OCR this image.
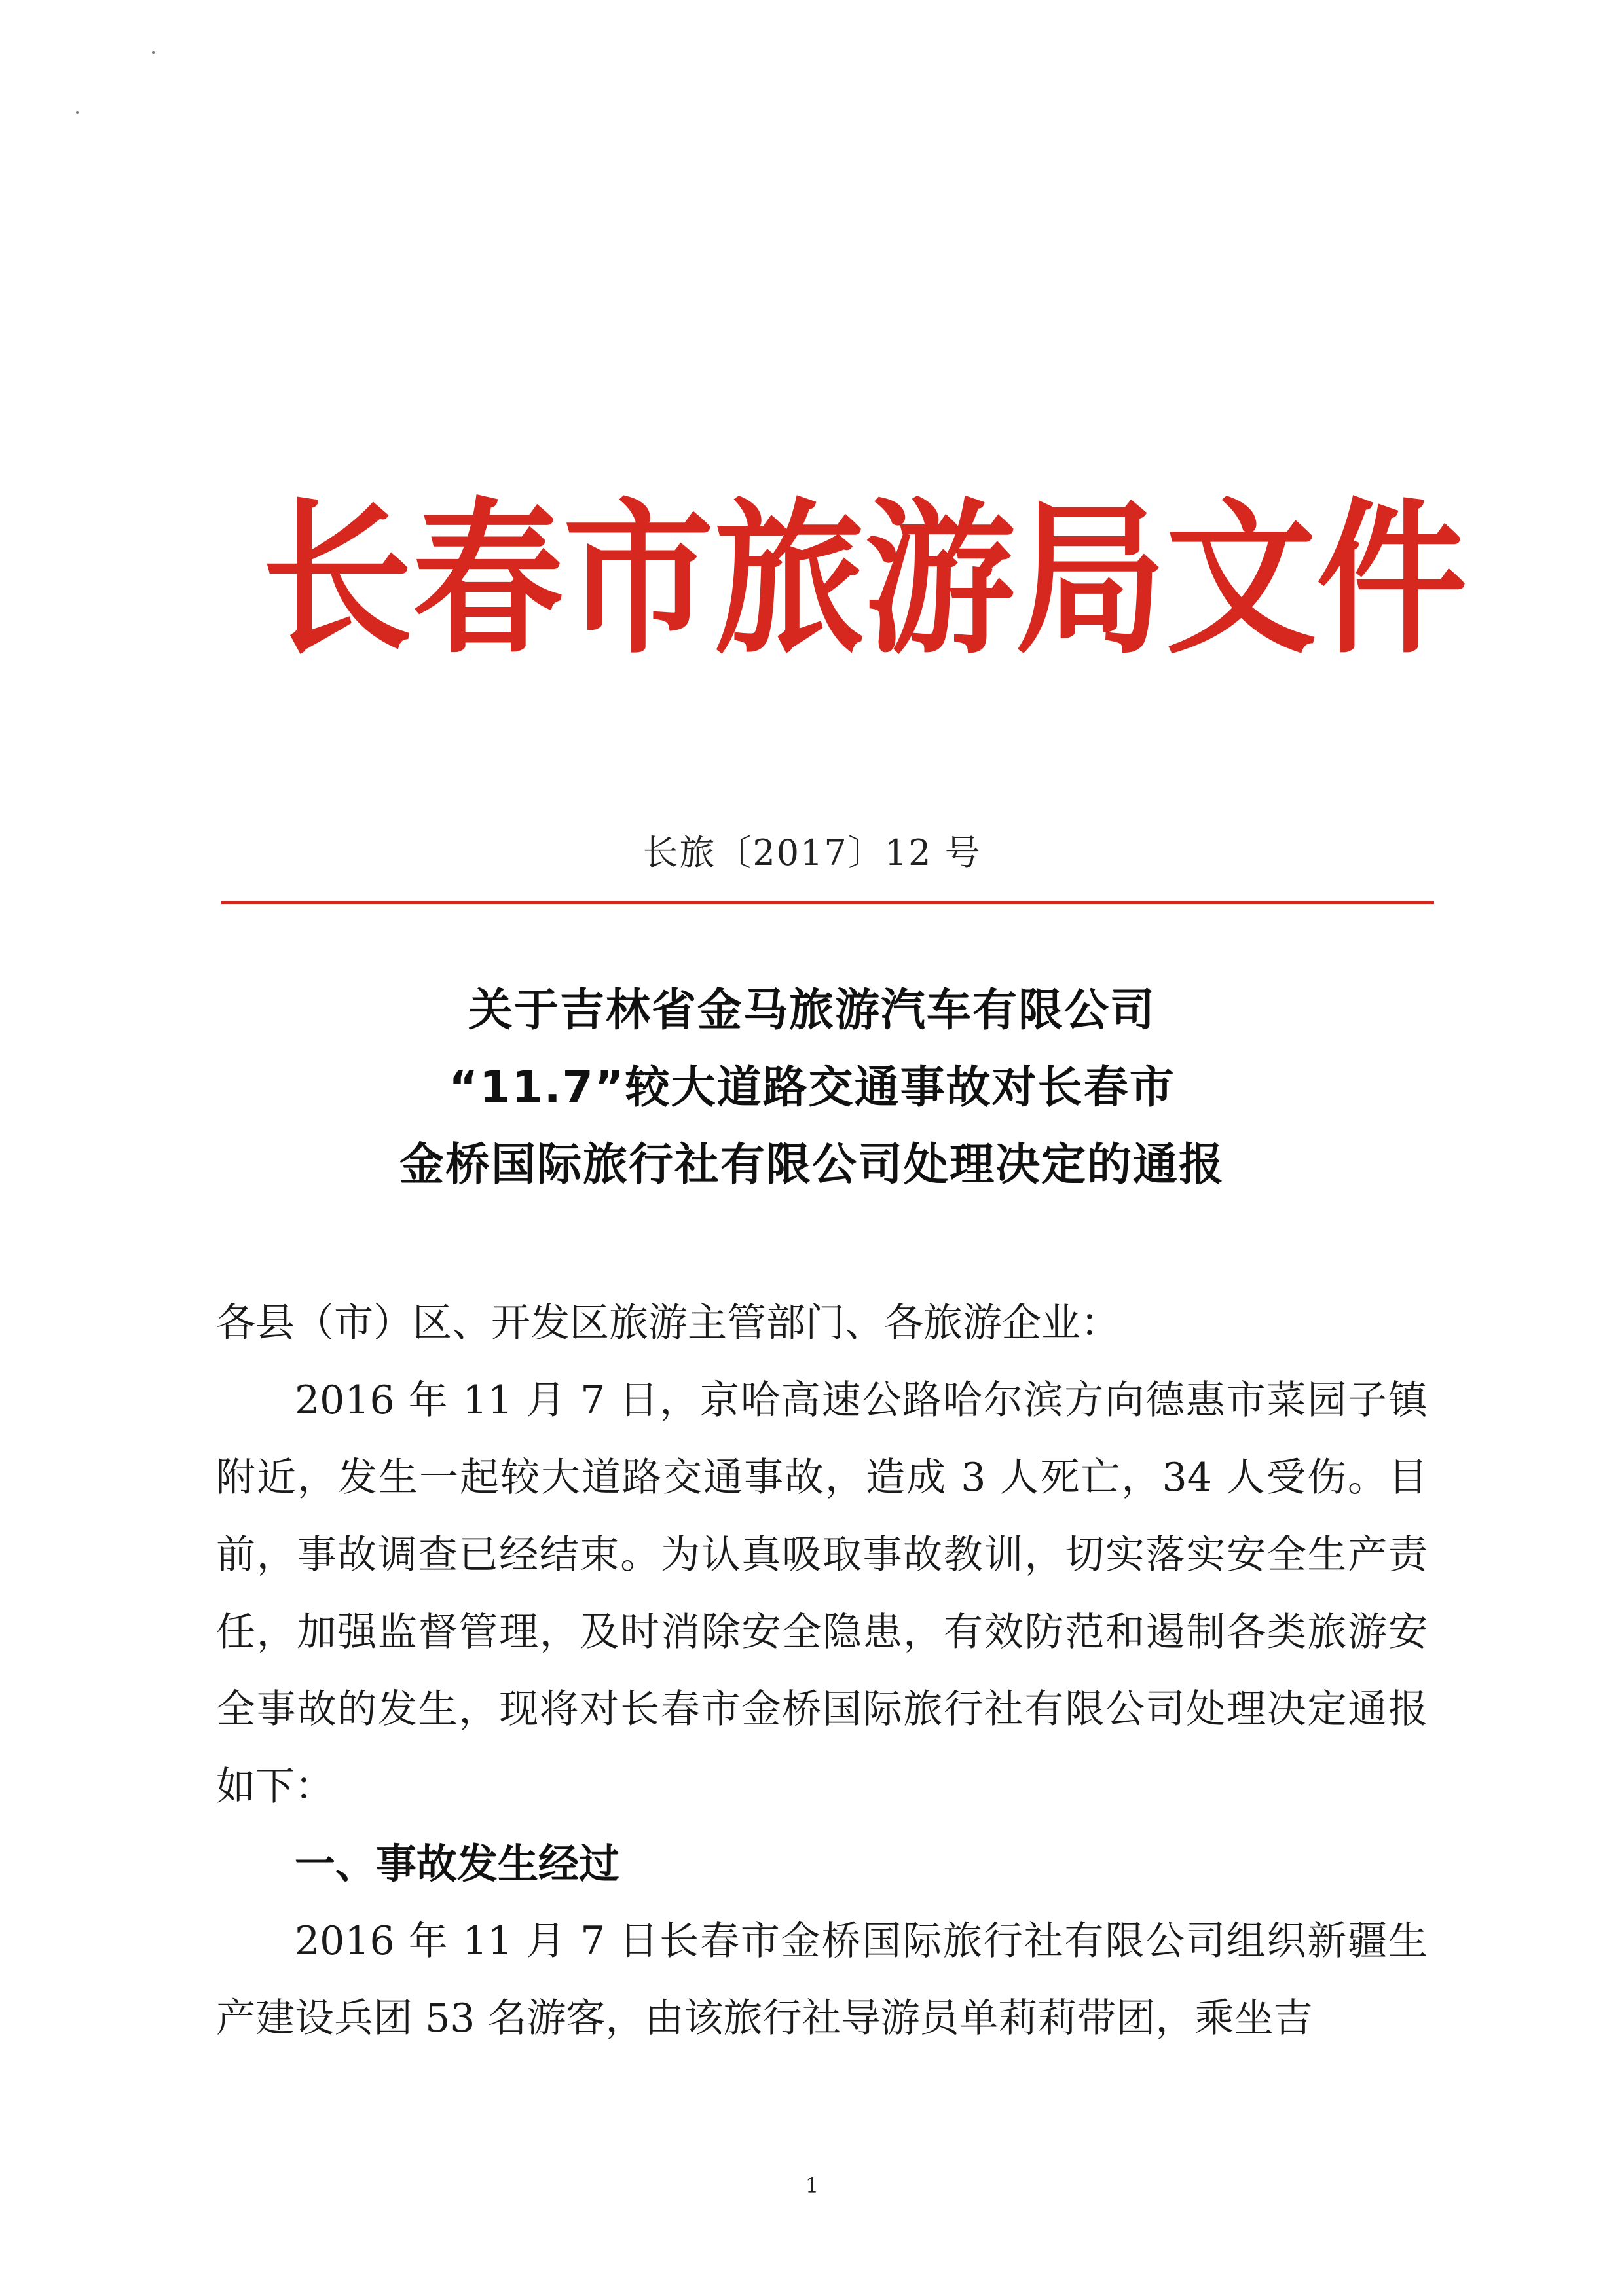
长 春 市 旅 游 局 文 件
长旅〔2017〕12 号
关于吉林省金马旅游汽车有限公司
“11.7”较大道路交通事故对长春市
金桥国际旅行社有限公司处理决定的通报

各县（市）区、开发区旅游主管部门、各旅游企业：

2016 年 11 月 7 日，京哈高速公路哈尔滨方向德惠市菜园子镇附近，发生一起较大道路交通事故，造成 3 人死亡，34 人受伤。目前，事故调查已经结束。为认真吸取事故教训，切实落实安全生产责任，加强监督管理，及时消除安全隐患，有效防范和遏制各类旅游安全事故的发生，现将对长春市金桥国际旅行社有限公司处理决定通报如下：

一、事故发生经过

2016 年 11 月 7 日长春市金桥国际旅行社有限公司组织新疆生产建设兵团 53 名游客，由该旅行社导游员单莉莉带团，乘坐吉

1
